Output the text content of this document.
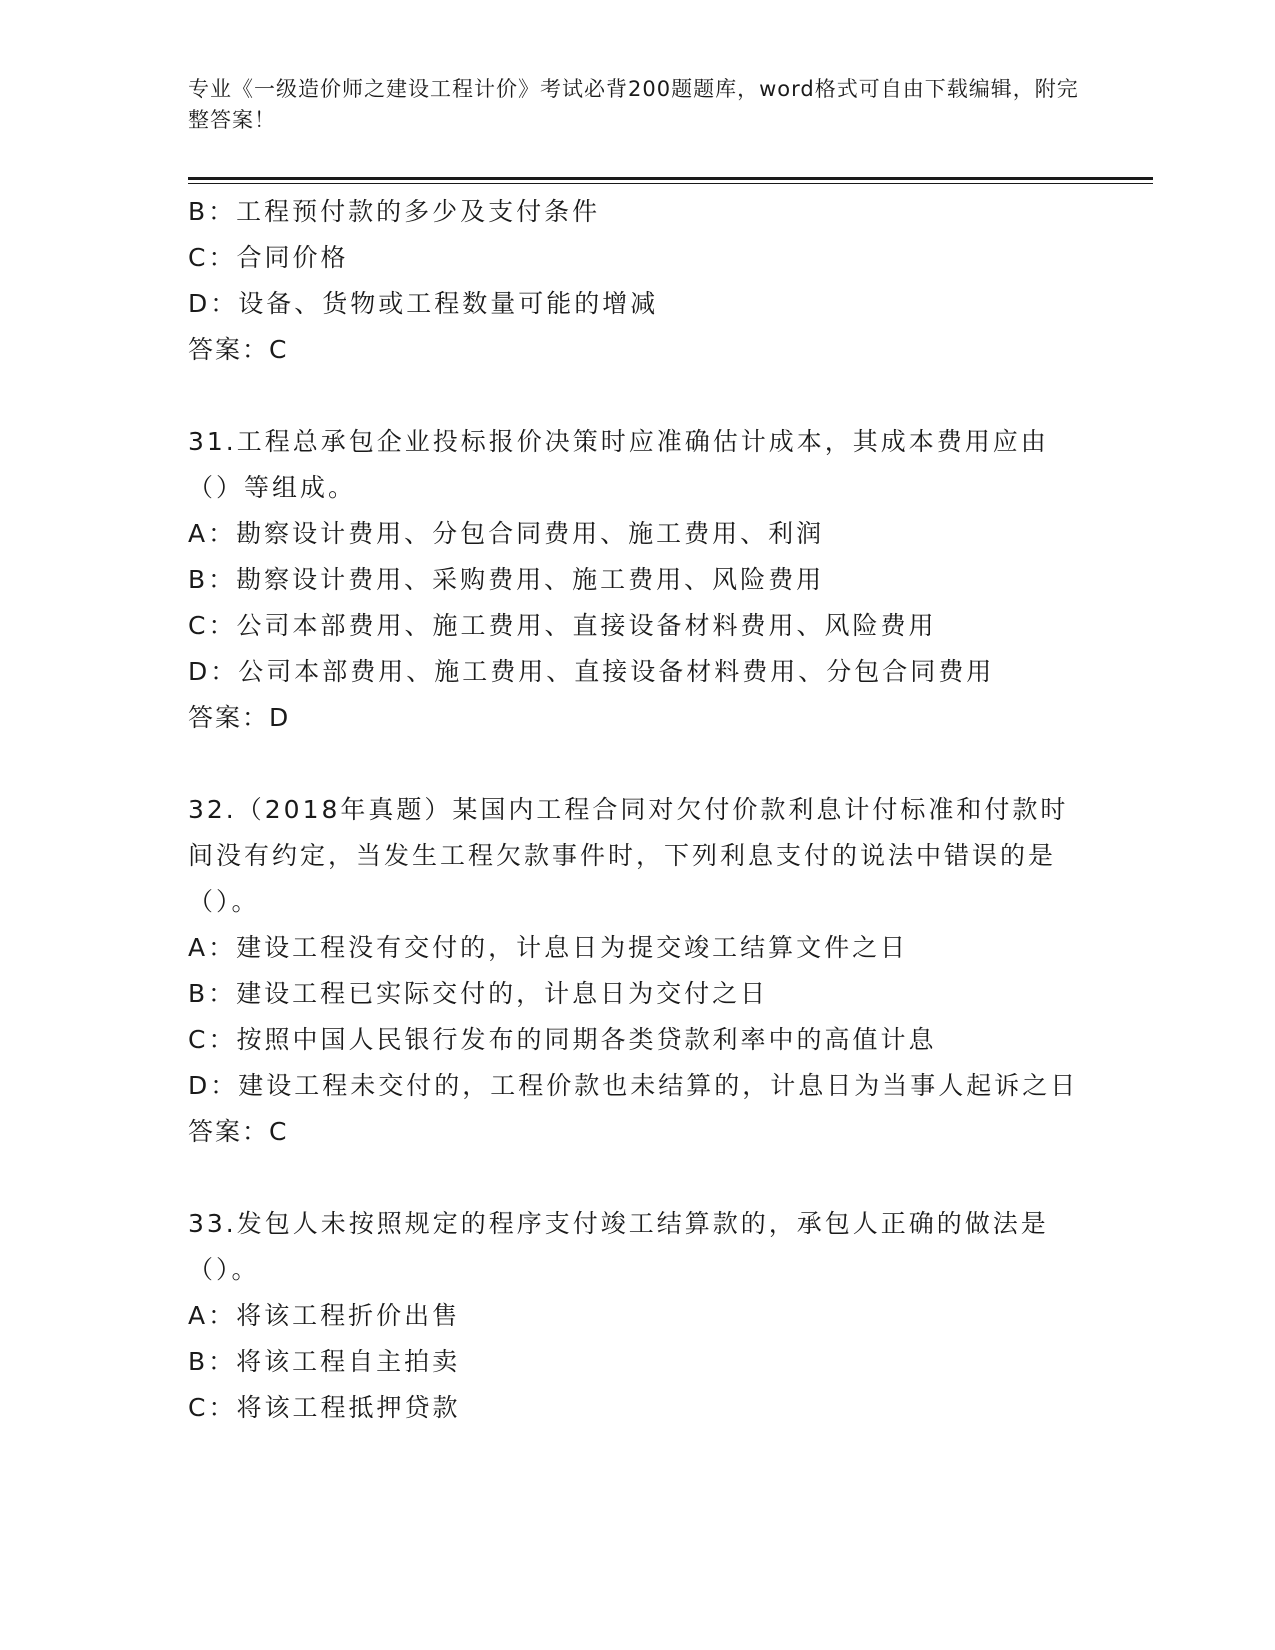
专业《一级造价师之建设工程计价》考试必背200题题库，word格式可自由下载编辑，附完整答案！
B：工程预付款的多少及支付条件
C：合同价格
D：设备、货物或工程数量可能的增减
答案：C
31.工程总承包企业投标报价决策时应准确估计成本，其成本费用应由（）等组成。
A：勘察设计费用、分包合同费用、施工费用、利润
B：勘察设计费用、采购费用、施工费用、风险费用
C：公司本部费用、施工费用、直接设备材料费用、风险费用
D：公司本部费用、施工费用、直接设备材料费用、分包合同费用
答案：D
32.（2018年真题）某国内工程合同对欠付价款利息计付标准和付款时间没有约定，当发生工程欠款事件时，下列利息支付的说法中错误的是（）。
A：建设工程没有交付的，计息日为提交竣工结算文件之日
B：建设工程已实际交付的，计息日为交付之日
C：按照中国人民银行发布的同期各类贷款利率中的高值计息
D：建设工程未交付的，工程价款也未结算的，计息日为当事人起诉之日
答案：C
33.发包人未按照规定的程序支付竣工结算款的，承包人正确的做法是（）。
A：将该工程折价出售
B：将该工程自主拍卖
C：将该工程抵押贷款
